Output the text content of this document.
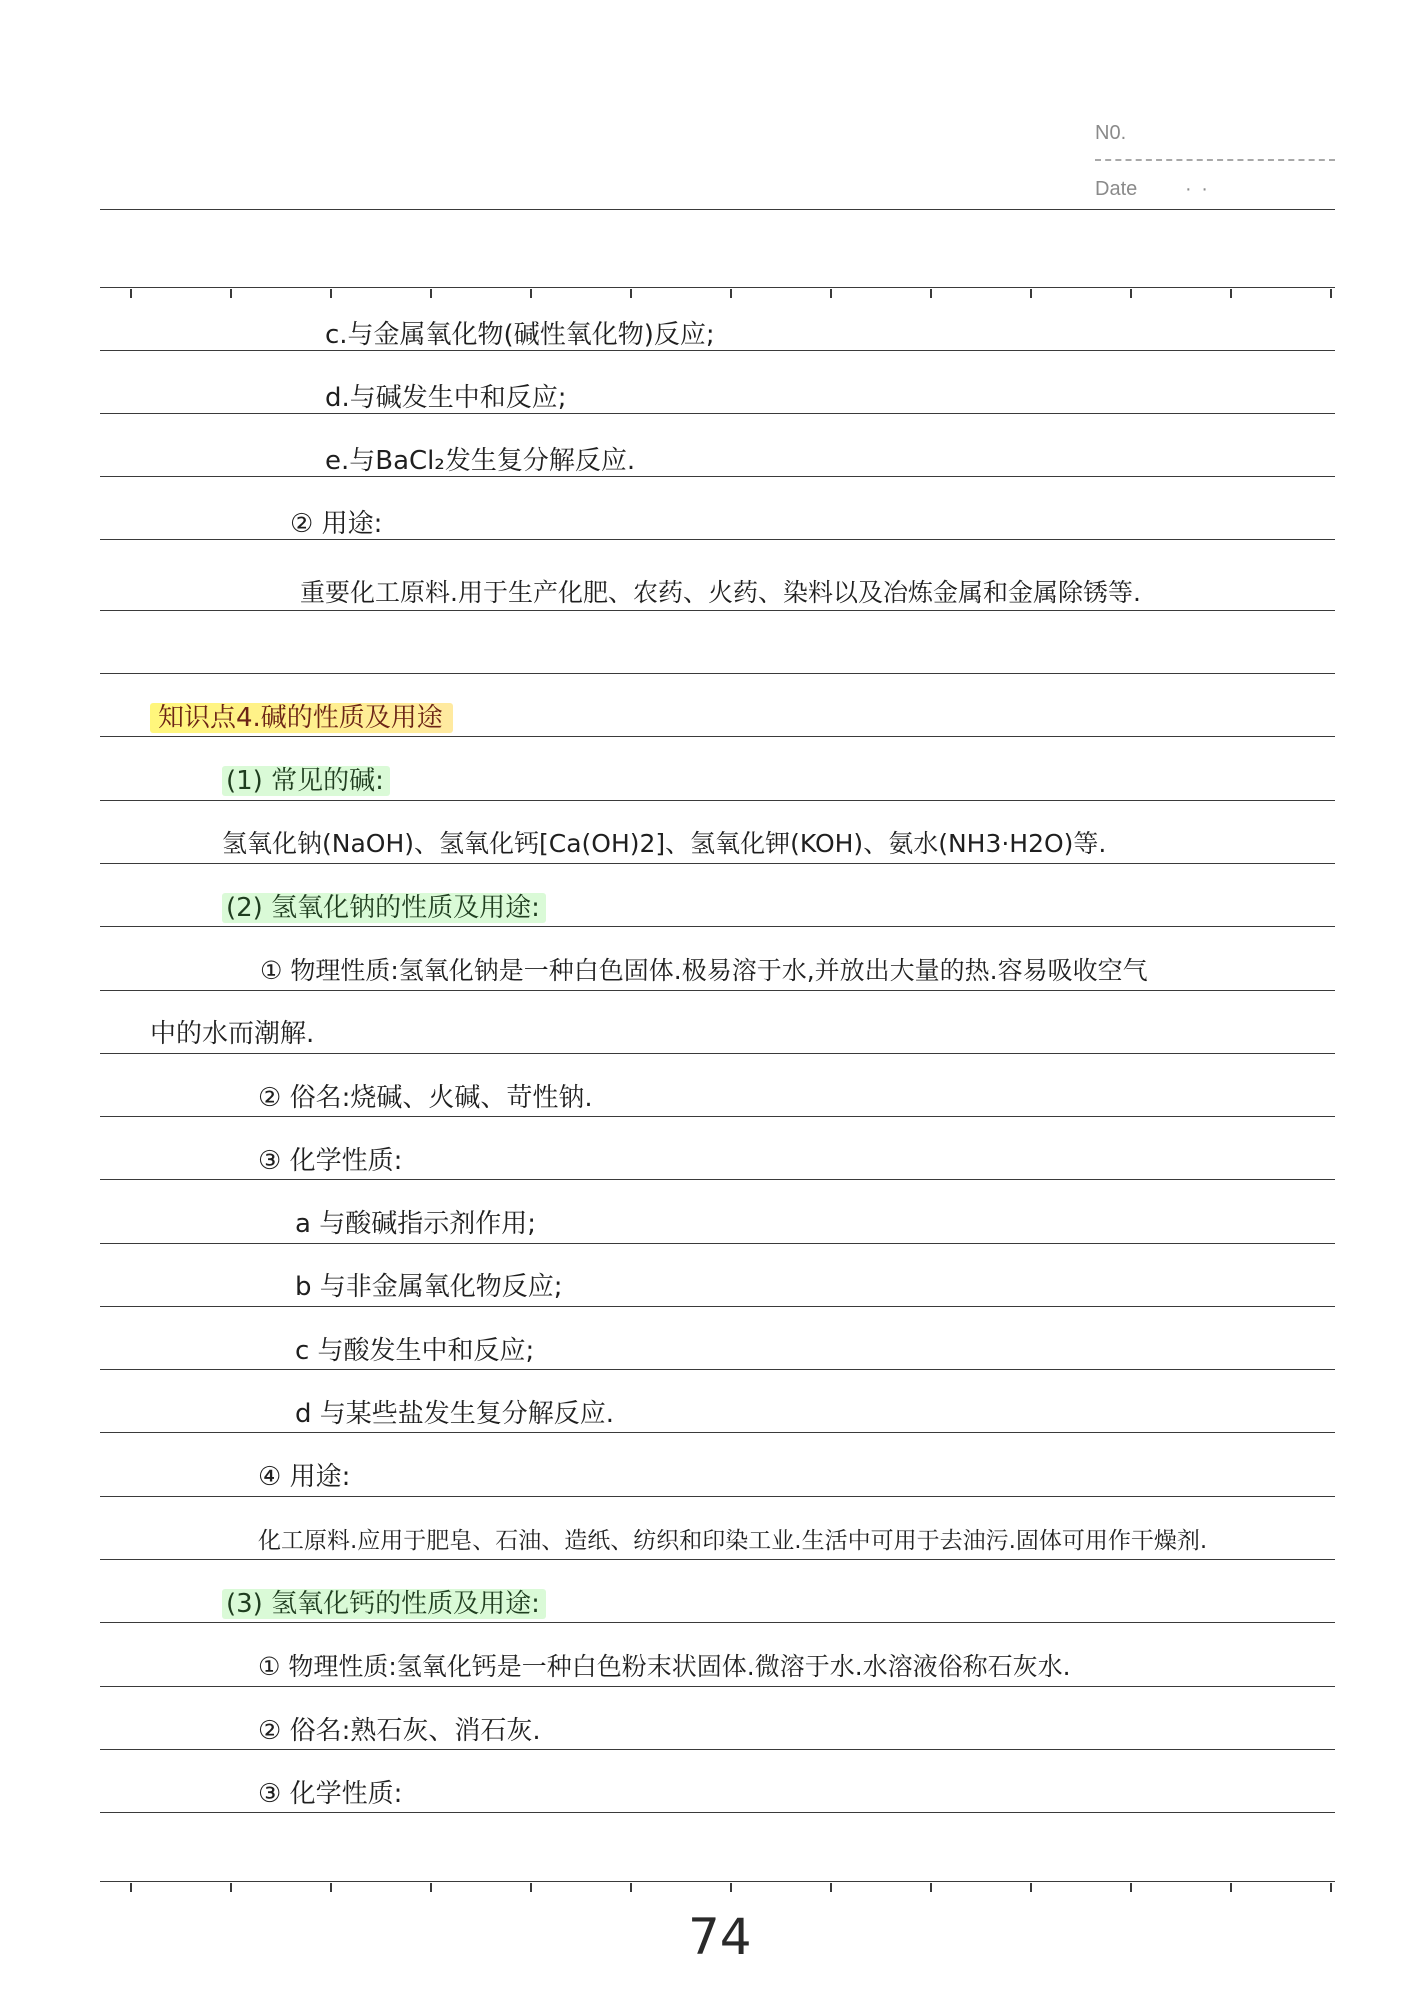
N0.
Date · ·
c.与金属氧化物(碱性氧化物)反应;
d.与碱发生中和反应;
e.与BaCl₂发生复分解反应.
② 用途:
重要化工原料.用于生产化肥、农药、火药、染料以及冶炼金属和金属除锈等.
知识点4.碱的性质及用途
(1) 常见的碱:
氢氧化钠(NaOH)、氢氧化钙[Ca(OH)2]、氢氧化钾(KOH)、氨水(NH3·H2O)等.
(2) 氢氧化钠的性质及用途:
① 物理性质:氢氧化钠是一种白色固体.极易溶于水,并放出大量的热.容易吸收空气
中的水而潮解.
② 俗名:烧碱、火碱、苛性钠.
③ 化学性质:
a 与酸碱指示剂作用;
b 与非金属氧化物反应;
c 与酸发生中和反应;
d 与某些盐发生复分解反应.
④ 用途:
化工原料.应用于肥皂、石油、造纸、纺织和印染工业.生活中可用于去油污.固体可用作干燥剂.
(3) 氢氧化钙的性质及用途:
① 物理性质:氢氧化钙是一种白色粉末状固体.微溶于水.水溶液俗称石灰水.
② 俗名:熟石灰、消石灰.
③ 化学性质:
74
